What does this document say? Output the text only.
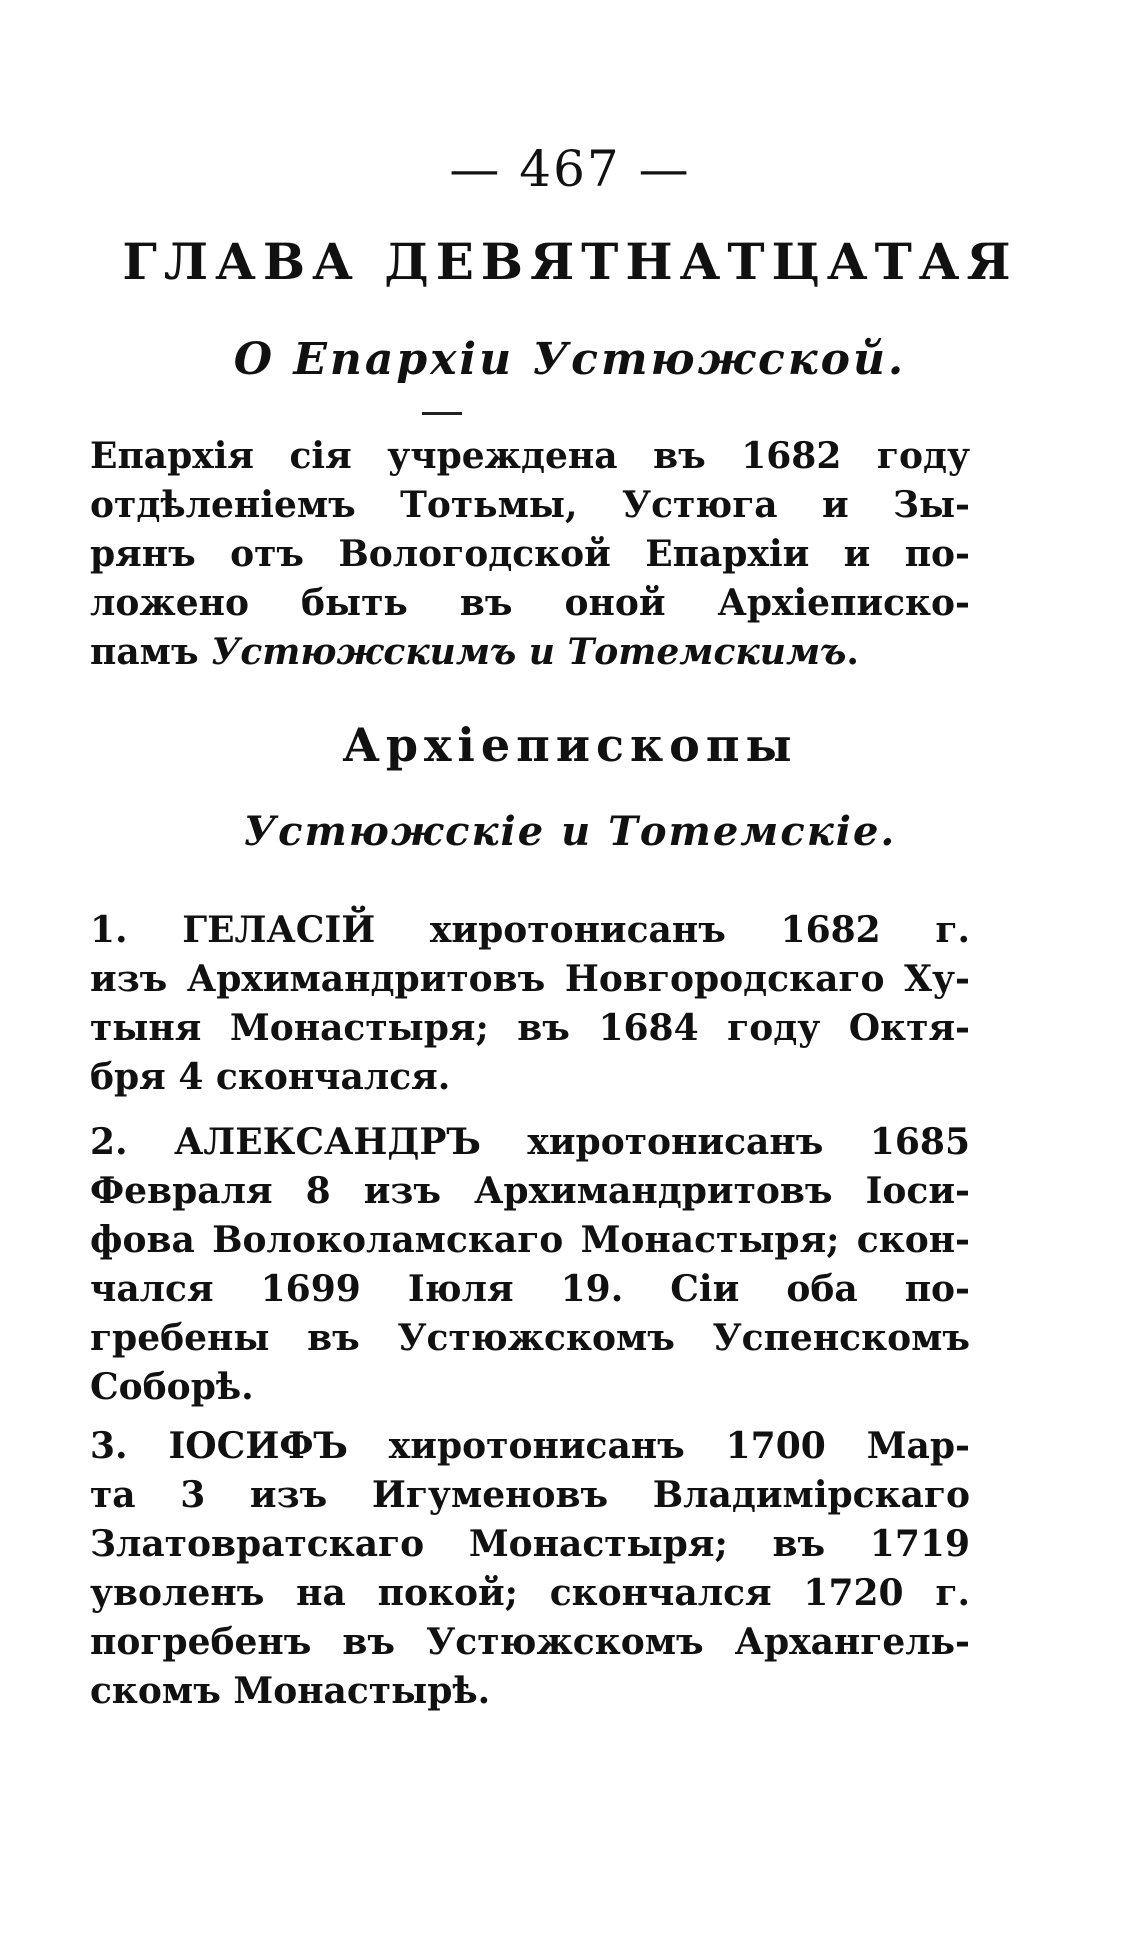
— 467 —
ГЛАВА ДЕВЯТНАТЦАТАЯ
О Епархіи Устюжской.
Епархія сія учреждена въ 1682 году
отдѣленіемъ Тотьмы, Устюга и Зы-
рянъ отъ Вологодской Епархіи и по-
ложено быть въ оной Архіеписко-
памъ Устюжскимъ и Тотемскимъ.
Архіепископы
Устюжскіе и Тотемскіе.
1. ГЕЛАСІЙ хиротонисанъ 1682 г.
изъ Архимандритовъ Новгородскаго Ху-
тыня Монастыря; въ 1684 году Октя-
бря 4 скончался.
2. АЛЕКСАНДРЪ хиротонисанъ 1685
Февраля 8 изъ Архимандритовъ Іоси-
фова Волоколамскаго Монастыря; скон-
чался 1699 Іюля 19. Сіи оба по-
гребены въ Устюжскомъ Успенскомъ
Соборѣ.
3. ІОСИФЪ хиротонисанъ 1700 Мар-
та 3 изъ Игуменовъ Владимірскаго
Златовратскаго Монастыря; въ 1719
уволенъ на покой; скончался 1720 г.
погребенъ въ Устюжскомъ Архангель-
скомъ Монастырѣ.
